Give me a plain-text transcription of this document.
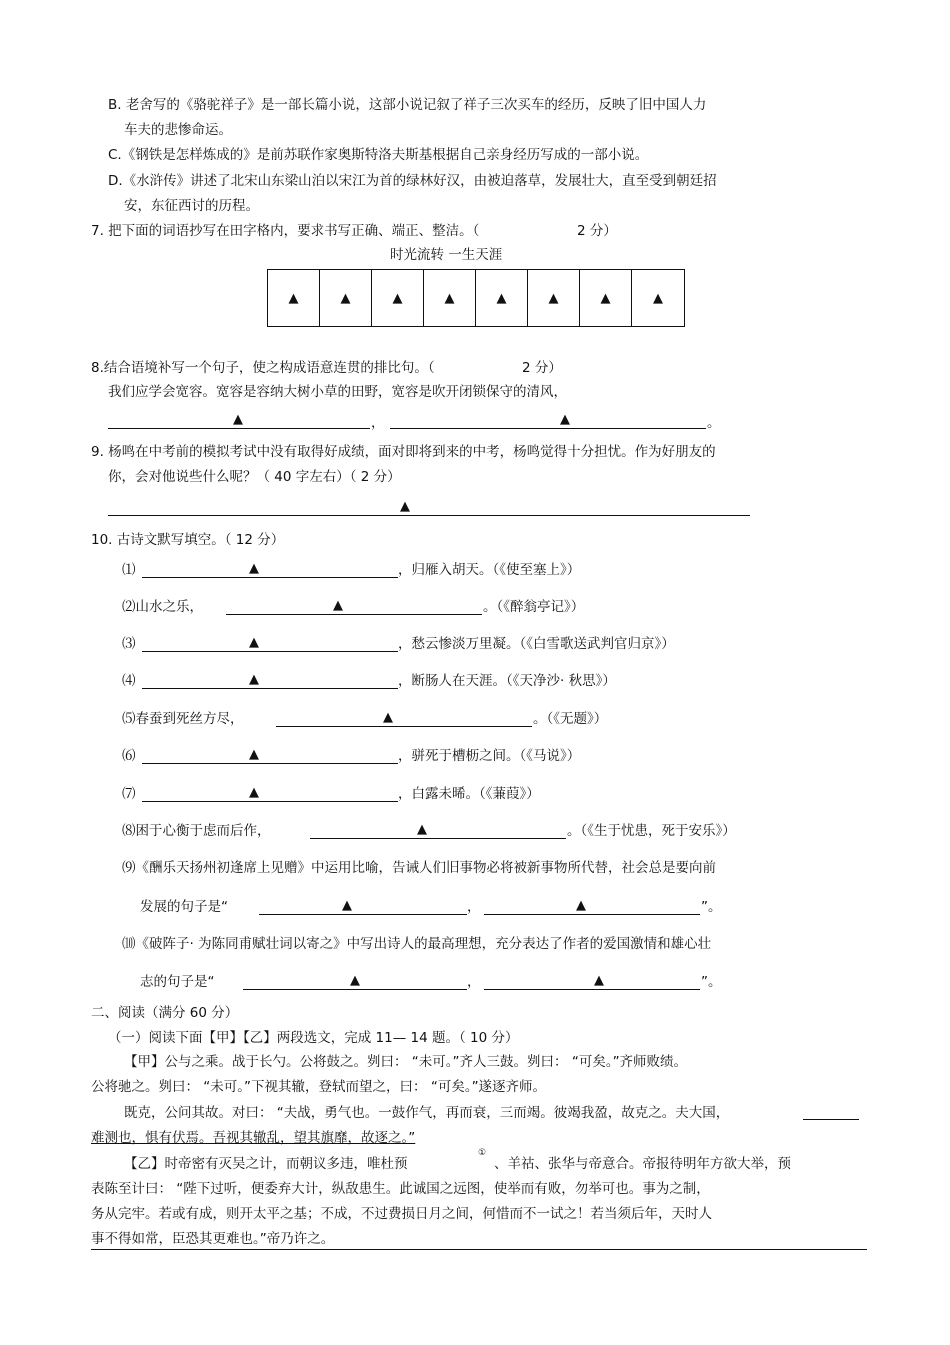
B. 老舍写的《骆驼祥子》是一部长篇小说，这部小说记叙了祥子三次买车的经历，反映了旧中国人力
车夫的悲惨命运。
C.《钢铁是怎样炼成的》是前苏联作家奥斯特洛夫斯基根据自己亲身经历写成的一部小说。
D.《水浒传》讲述了北宋山东梁山泊以宋江为首的绿林好汉，由被迫落草，发展壮大，直至受到朝廷招
安，东征西讨的历程。
7. 把下面的词语抄写在田字格内，要求书写正确、端正、整洁。（	2 分）
时光流转 一生天涯
▲	▲	▲	▲	▲	▲	▲	▲
8.结合语境补写一个句子，使之构成语意连贯的排比句。（	2 分）
我们应学会宽容。宽容是容纳大树小草的田野，宽容是吹开闭锁保守的清风，
▲	，	▲	。
9. 杨鸣在中考前的模拟考试中没有取得好成绩，面对即将到来的中考，杨鸣觉得十分担忧。作为好朋友的
你，会对他说些什么呢？（ 40 字左右）（ 2 分）
▲
10. 古诗文默写填空。（ 12 分）
⑴	▲	，归雁入胡天。（《使至塞上》）
⑵山水之乐，	▲	。（《醉翁亭记》）
⑶	▲	，愁云惨淡万里凝。（《白雪歌送武判官归京》）
⑷	▲	，断肠人在天涯。（《天净沙· 秋思》）
⑸春蚕到死丝方尽，	▲	。（《无题》）
⑹	▲	，骈死于槽枥之间。（《马说》）
⑺	▲	，白露未晞。（《蒹葭》）
⑻困于心衡于虑而后作，	▲	。（《生于忧患，死于安乐》）
⑼《酬乐天扬州初逢席上见赠》中运用比喻，告诫人们旧事物必将被新事物所代替，社会总是要向前
发展的句子是“	▲	，	▲	”。
⑽《破阵子· 为陈同甫赋壮词以寄之》中写出诗人的最高理想，充分表达了作者的爱国激情和雄心壮
志的句子是“	▲	，	▲	”。
二、阅读（满分 60 分）
（一）阅读下面【甲】【乙】两段选文，完成 11— 14 题。（ 10 分）
【甲】公与之乘。战于长勺。公将鼓之。刿曰： “未可。”齐人三鼓。刿曰： “可矣。”齐师败绩。
公将驰之。刿曰： “未可。”下视其辙，登轼而望之，曰： “可矣。”遂逐齐师。
既克，公问其故。对曰： “夫战，勇气也。一鼓作气，再而衰，三而竭。彼竭我盈，故克之。夫大国，
难测也，惧有伏焉。吾视其辙乱，望其旗靡，故逐之。”
【乙】时帝密有灭吴之计，而朝议多违，唯杜预
①
、羊祜、张华与帝意合。帝报待明年方欲大举，预
表陈至计曰： “陛下过听，便委弃大计，纵敌患生。此诚国之远图，使举而有败，勿举可也。事为之制，
务从完牢。若或有成，则开太平之基；不成，不过费损日月之间，何惜而不一试之！若当须后年，天时人
事不得如常，臣恐其更难也。”帝乃许之。
